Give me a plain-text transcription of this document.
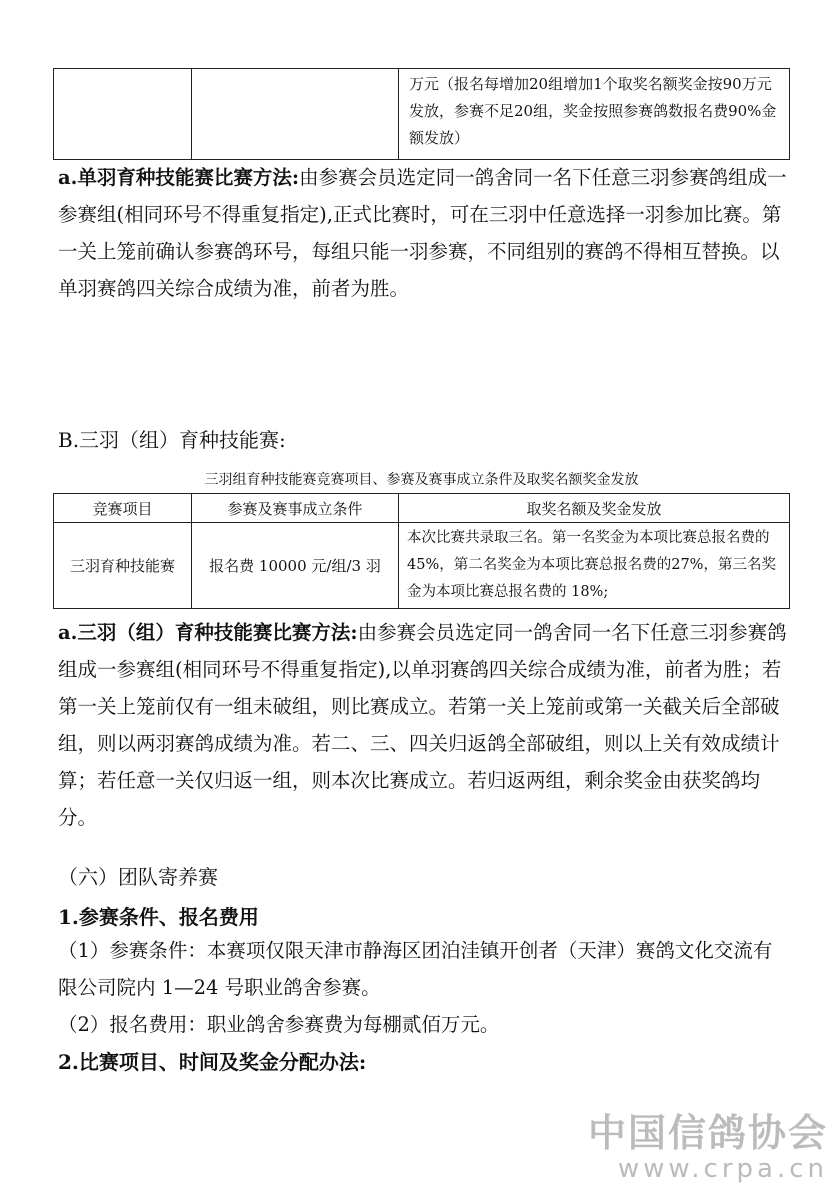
		万元（报名每增加20组增加1个取奖名额奖金按90万元发放，参赛不足20组，奖金按照参赛鸽数报名费90%金额发放）

a.单羽育种技能赛比赛方法:由参赛会员选定同一鸽舍同一名下任意三羽参赛鸽组成一参赛组(相同环号不得重复指定),正式比赛时，可在三羽中任意选择一羽参加比赛。第一关上笼前确认参赛鸽环号，每组只能一羽参赛，不同组别的赛鸽不得相互替换。以单羽赛鸽四关综合成绩为准，前者为胜。

B.三羽（组）育种技能赛:

三羽组育种技能赛竞赛项目、参赛及赛事成立条件及取奖名额奖金发放
竞赛项目	参赛及赛事成立条件	取奖名额及奖金发放
三羽育种技能赛	报名费 10000 元/组/3 羽	本次比赛共录取三名。第一名奖金为本项比赛总报名费的 45%，第二名奖金为本项比赛总报名费的27%，第三名奖金为本项比赛总报名费的 18%;

a.三羽（组）育种技能赛比赛方法:由参赛会员选定同一鸽舍同一名下任意三羽参赛鸽组成一参赛组(相同环号不得重复指定),以单羽赛鸽四关综合成绩为准，前者为胜；若第一关上笼前仅有一组未破组，则比赛成立。若第一关上笼前或第一关截关后全部破组，则以两羽赛鸽成绩为准。若二、三、四关归返鸽全部破组，则以上关有效成绩计算；若任意一关仅归返一组，则本次比赛成立。若归返两组，剩余奖金由获奖鸽均分。

（六）团队寄养赛

1.参赛条件、报名费用

（1）参赛条件：本赛项仅限天津市静海区团泊洼镇开创者（天津）赛鸽文化交流有限公司院内 1—24 号职业鸽舍参赛。

（2）报名费用：职业鸽舍参赛费为每棚贰佰万元。

2.比赛项目、时间及奖金分配办法:

中国信鸽协会
www.crpa.cn
